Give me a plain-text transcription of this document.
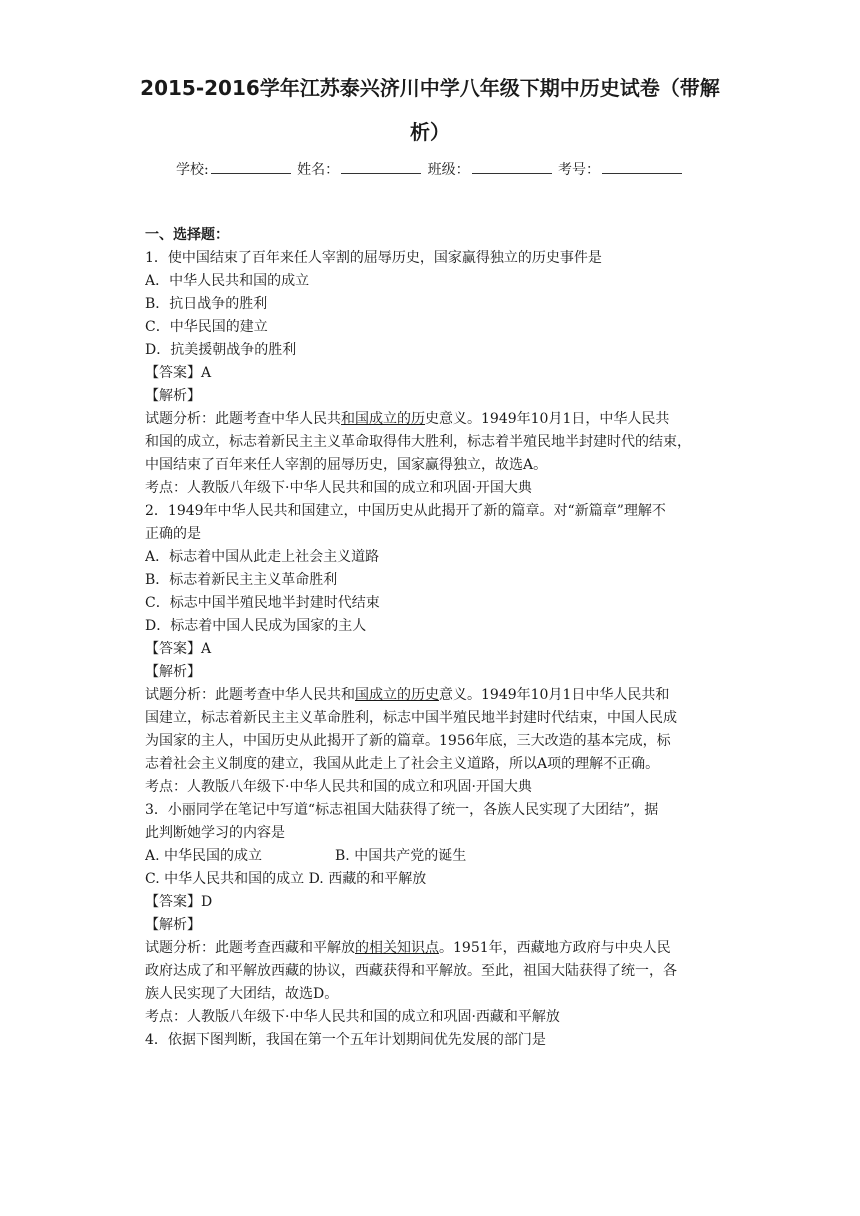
2015-2016学年江苏泰兴济川中学八年级下期中历史试卷（带解
析）
学校:	姓名：	班级：	考号：
一、选择题：
1．使中国结束了百年来任人宰割的屈辱历史，国家赢得独立的历史事件是
A．中华人民共和国的成立
B．抗日战争的胜利
C．中华民国的建立
D．抗美援朝战争的胜利
【答案】A
【解析】
试题分析：此题考查中华人民共和国成立的历史意义。1949年10月1日，中华人民共
和国的成立，标志着新民主主义革命取得伟大胜利，标志着半殖民地半封建时代的结束，
中国结束了百年来任人宰割的屈辱历史，国家赢得独立，故选A。
考点：人教版八年级下·中华人民共和国的成立和巩固·开国大典
2．1949年中华人民共和国建立，中国历史从此揭开了新的篇章。对“新篇章”理解不
正确的是
A．标志着中国从此走上社会主义道路
B．标志着新民主主义革命胜利
C．标志中国半殖民地半封建时代结束
D．标志着中国人民成为国家的主人
【答案】A
【解析】
试题分析：此题考查中华人民共和国成立的历史意义。1949年10月1日中华人民共和
国建立，标志着新民主主义革命胜利，标志中国半殖民地半封建时代结束，中国人民成
为国家的主人，中国历史从此揭开了新的篇章。1956年底，三大改造的基本完成，标
志着社会主义制度的建立，我国从此走上了社会主义道路，所以A项的理解不正确。
考点：人教版八年级下·中华人民共和国的成立和巩固·开国大典
3．小丽同学在笔记中写道“标志祖国大陆获得了统一，各族人民实现了大团结”，据
此判断她学习的内容是
A. 中华民国的成立	B. 中国共产党的诞生
C. 中华人民共和国的成立 D. 西藏的和平解放
【答案】D
【解析】
试题分析：此题考查西藏和平解放的相关知识点。1951年，西藏地方政府与中央人民
政府达成了和平解放西藏的协议，西藏获得和平解放。至此，祖国大陆获得了统一，各
族人民实现了大团结，故选D。
考点：人教版八年级下·中华人民共和国的成立和巩固·西藏和平解放
4．依据下图判断，我国在第一个五年计划期间优先发展的部门是
